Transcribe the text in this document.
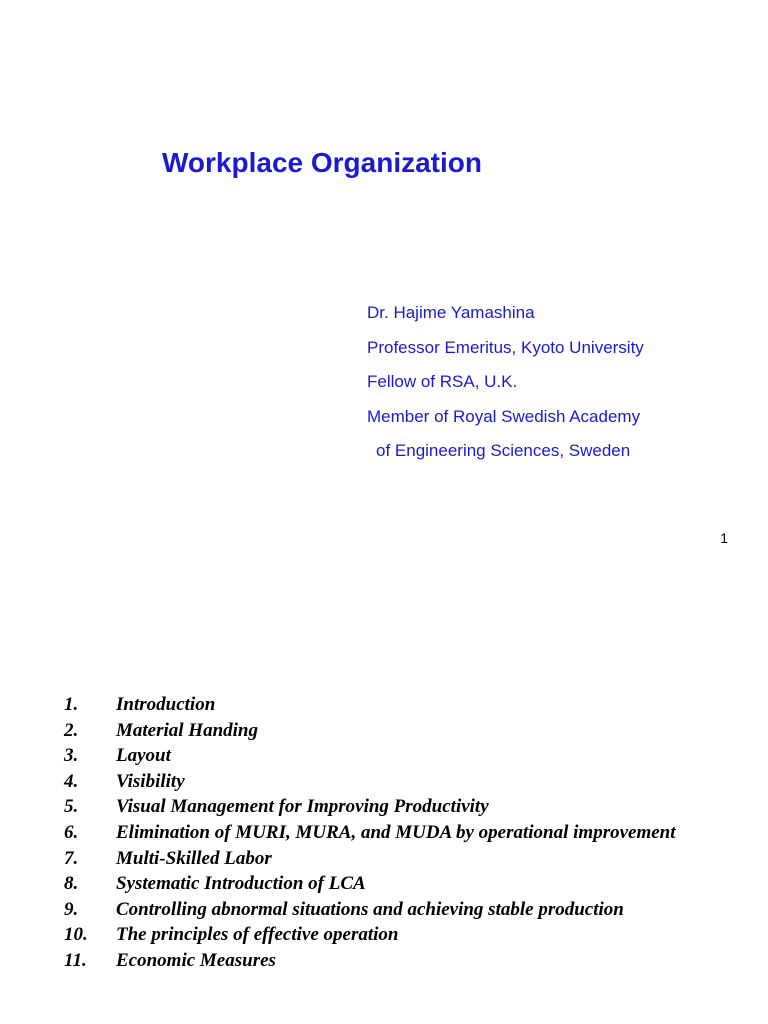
Workplace Organization
Dr. Hajime Yamashina
Professor Emeritus, Kyoto University
Fellow of RSA, U.K.
Member of Royal Swedish Academy
of Engineering Sciences, Sweden
1
1.	Introduction
2.	Material Handing
3.	Layout
4.	Visibility
5.	Visual Management for Improving Productivity
6.	Elimination of MURI, MURA, and MUDA by operational improvement
7.	Multi-Skilled Labor
8.	Systematic Introduction of LCA
9.	Controlling abnormal situations and achieving stable production
10.	The principles of effective operation
11.	Economic Measures
